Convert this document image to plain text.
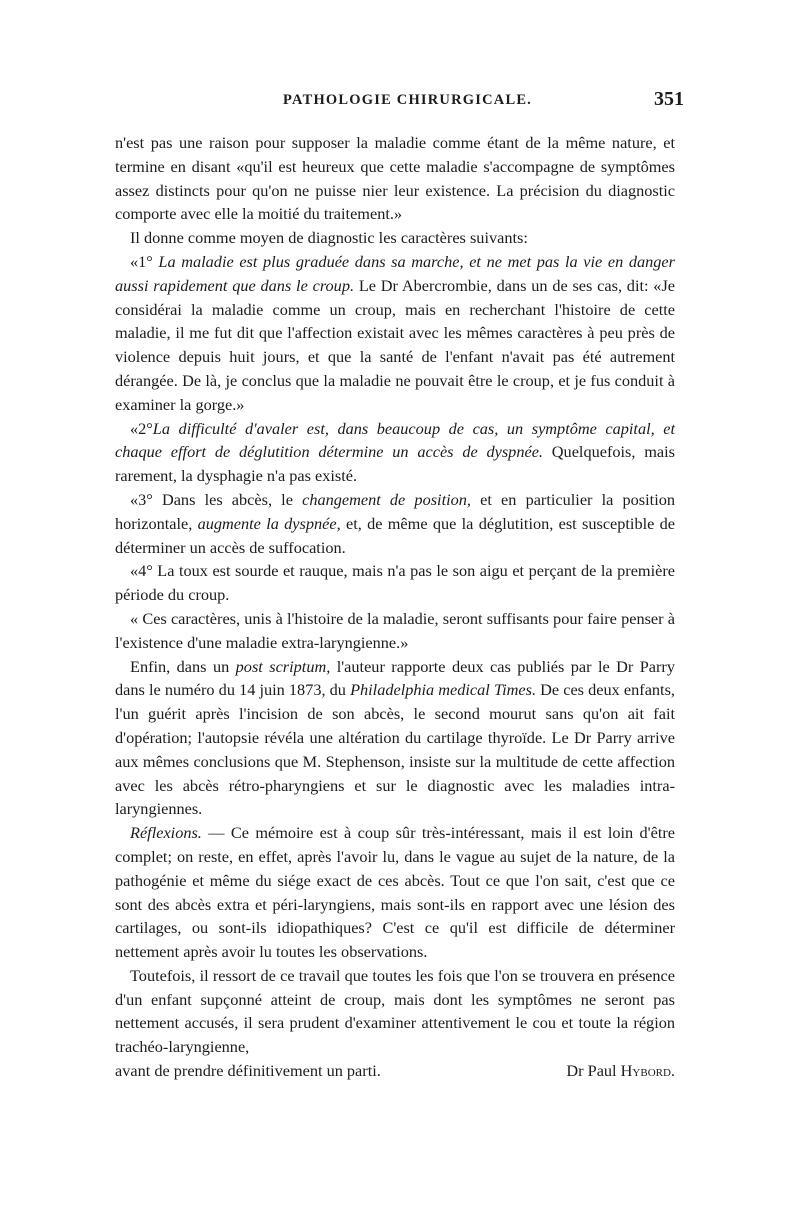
PATHOLOGIE CHIRURGICALE.	351

n'est pas une raison pour supposer la maladie comme étant de la même nature, et termine en disant «qu'il est heureux que cette maladie s'accompagne de symptômes assez distincts pour qu'on ne puisse nier leur existence. La précision du diagnostic comporte avec elle la moitié du traitement.»

Il donne comme moyen de diagnostic les caractères suivants:

«1° La maladie est plus graduée dans sa marche, et ne met pas la vie en danger aussi rapidement que dans le croup. Le Dr Abercrombie, dans un de ses cas, dit: «Je considérai la maladie comme un croup, mais en recherchant l'histoire de cette maladie, il me fut dit que l'affection existait avec les mêmes caractères à peu près de violence depuis huit jours, et que la santé de l'enfant n'avait pas été autrement dérangée. De là, je conclus que la maladie ne pouvait être le croup, et je fus conduit à examiner la gorge.»

«2°La difficulté d'avaler est, dans beaucoup de cas, un symptôme capital, et chaque effort de déglutition détermine un accès de dyspnée. Quelquefois, mais rarement, la dysphagie n'a pas existé.

«3° Dans les abcès, le changement de position, et en particulier la position horizontale, augmente la dyspnée, et, de même que la déglutition, est susceptible de déterminer un accès de suffocation.

«4° La toux est sourde et rauque, mais n'a pas le son aigu et perçant de la première période du croup.

« Ces caractères, unis à l'histoire de la maladie, seront suffisants pour faire penser à l'existence d'une maladie extra-laryngienne.»

Enfin, dans un post scriptum, l'auteur rapporte deux cas publiés par le Dr Parry dans le numéro du 14 juin 1873, du Philadelphia medical Times. De ces deux enfants, l'un guérit après l'incision de son abcès, le second mourut sans qu'on ait fait d'opération; l'autopsie révéla une altération du cartilage thyroïde. Le Dr Parry arrive aux mêmes conclusions que M. Stephenson, insiste sur la multitude de cette affection avec les abcès rétro-pharyngiens et sur le diagnostic avec les maladies intra-laryngiennes.

Réflexions. — Ce mémoire est à coup sûr très-intéressant, mais il est loin d'être complet; on reste, en effet, après l'avoir lu, dans le vague au sujet de la nature, de la pathogénie et même du siége exact de ces abcès. Tout ce que l'on sait, c'est que ce sont des abcès extra et péri-laryngiens, mais sont-ils en rapport avec une lésion des cartilages, ou sont-ils idiopathiques? C'est ce qu'il est difficile de déterminer nettement après avoir lu toutes les observations.

Toutefois, il ressort de ce travail que toutes les fois que l'on se trouvera en présence d'un enfant supçonné atteint de croup, mais dont les symptômes ne seront pas nettement accusés, il sera prudent d'examiner attentivement le cou et toute la région trachéo-laryngienne,

avant de prendre définitivement un parti.	Dr Paul Hybord.
